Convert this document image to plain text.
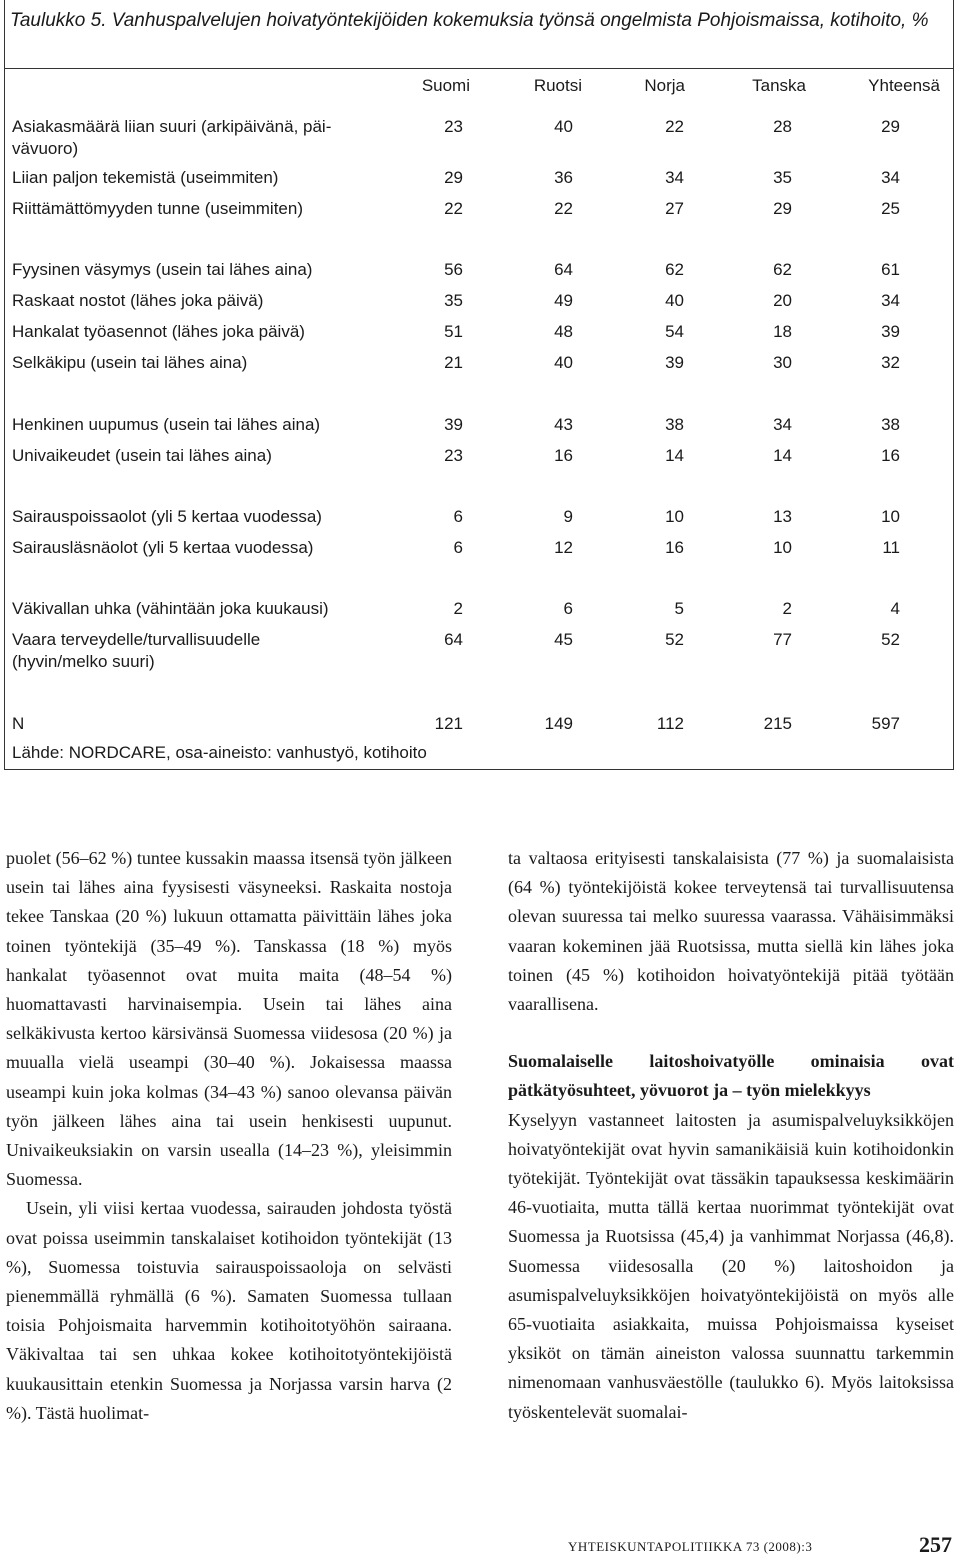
Taulukko 5. Vanhuspalvelujen hoivatyöntekijöiden kokemuksia työnsä ongelmista Pohjoismaissa, kotihoito, %
Suomi	Ruotsi	Norja	Tanska	Yhteensä
Asiakasmäärä liian suuri (arkipäivänä, päi-
vävuoro)
23	40	22	28	29
Liian paljon tekemistä (useimmiten)	29	36	34	35	34
Riittämättömyyden tunne (useimmiten)	22	22	27	29	25
Fyysinen väsymys (usein tai lähes aina)	56	64	62	62	61
Raskaat nostot (lähes joka päivä)	35	49	40	20	34
Hankalat työasennot (lähes joka päivä)	51	48	54	18	39
Selkäkipu (usein tai lähes aina)	21	40	39	30	32
Henkinen uupumus (usein tai lähes aina)	39	43	38	34	38
Univaikeudet (usein tai lähes aina)	23	16	14	14	16
Sairauspoissaolot (yli 5 kertaa vuodessa)	6	9	10	13	10
Sairausläsnäolot (yli 5 kertaa vuodessa)	6	12	16	10	11
Väkivallan uhka (vähintään joka kuukausi)	2	6	5	2	4
Vaara terveydelle/turvallisuudelle
(hyvin/melko suuri)
64	45	52	77	52
N	121	149	112	215	597
Lähde: NORDCARE, osa-aineisto: vanhustyö, kotihoito

puolet (56–62 %) tuntee kussakin maassa itsensä työn jälkeen usein tai lähes aina fyysisesti väsyneeksi. Raskaita nostoja tekee Tanskaa (20 %) lukuun ottamatta päivittäin lähes joka toinen työntekijä (35–49 %). Tanskassa (18 %) myös hankalat työasennot ovat muita maita (48–54 %) huomattavasti harvinaisempia. Usein tai lähes aina selkäkivusta kertoo kärsivänsä Suomessa viidesosa (20 %) ja muualla vielä useampi (30–40 %). Jokaisessa maassa useampi kuin joka kolmas (34–43 %) sanoo olevansa päivän työn jälkeen lähes aina tai usein henkisesti uupunut. Univaikeuksiakin on varsin usealla (14–23 %), yleisimmin Suomessa.

Usein, yli viisi kertaa vuodessa, sairauden johdosta työstä ovat poissa useimmin tanskalaiset kotihoidon työntekijät (13 %), Suomessa toistuvia sairauspoissaoloja on selvästi pienemmällä ryhmällä (6 %). Samaten Suomessa tullaan toisia Pohjoismaita harvemmin kotihoitotyöhön sairaana. Väkivaltaa tai sen uhkaa kokee kotihoitotyöntekijöistä kuukausittain etenkin Suomessa ja Norjassa varsin harva (2 %). Tästä huolimat-

ta valtaosa erityisesti tanskalaisista (77 %) ja suomalaisista (64 %) työntekijöistä kokee terveytensä tai turvallisuutensa olevan suuressa tai melko suuressa vaarassa. Vähäisimmäksi vaaran kokeminen jää Ruotsissa, mutta siellä kin lähes joka toinen (45 %) kotihoidon hoivatyöntekijä pitää työtään vaarallisena.

Suomalaiselle laitoshoivatyölle ominaisia ovat pätkätyösuhteet, yövuorot ja – työn mielekkyys

Kyselyyn vastanneet laitosten ja asumispalveluyksikköjen hoivatyöntekijät ovat hyvin samanikäisiä kuin kotihoidonkin työtekijät. Työntekijät ovat tässäkin tapauksessa keskimäärin 46-vuotiaita, mutta tällä kertaa nuorimmat työntekijät ovat Suomessa ja Ruotsissa (45,4) ja vanhimmat Norjassa (46,8). Suomessa viidesosalla (20 %) laitoshoidon ja asumispalveluyksikköjen hoivatyöntekijöistä on myös alle 65-vuotiaita asiakkaita, muissa Pohjoismaissa kyseiset yksiköt on tämän aineiston valossa suunnattu tarkemmin nimenomaan vanhusväestölle (taulukko 6). Myös laitoksissa työskentelevät suomalai-

YHTEISKUNTAPOLITIIKKA 73 (2008):3	257
